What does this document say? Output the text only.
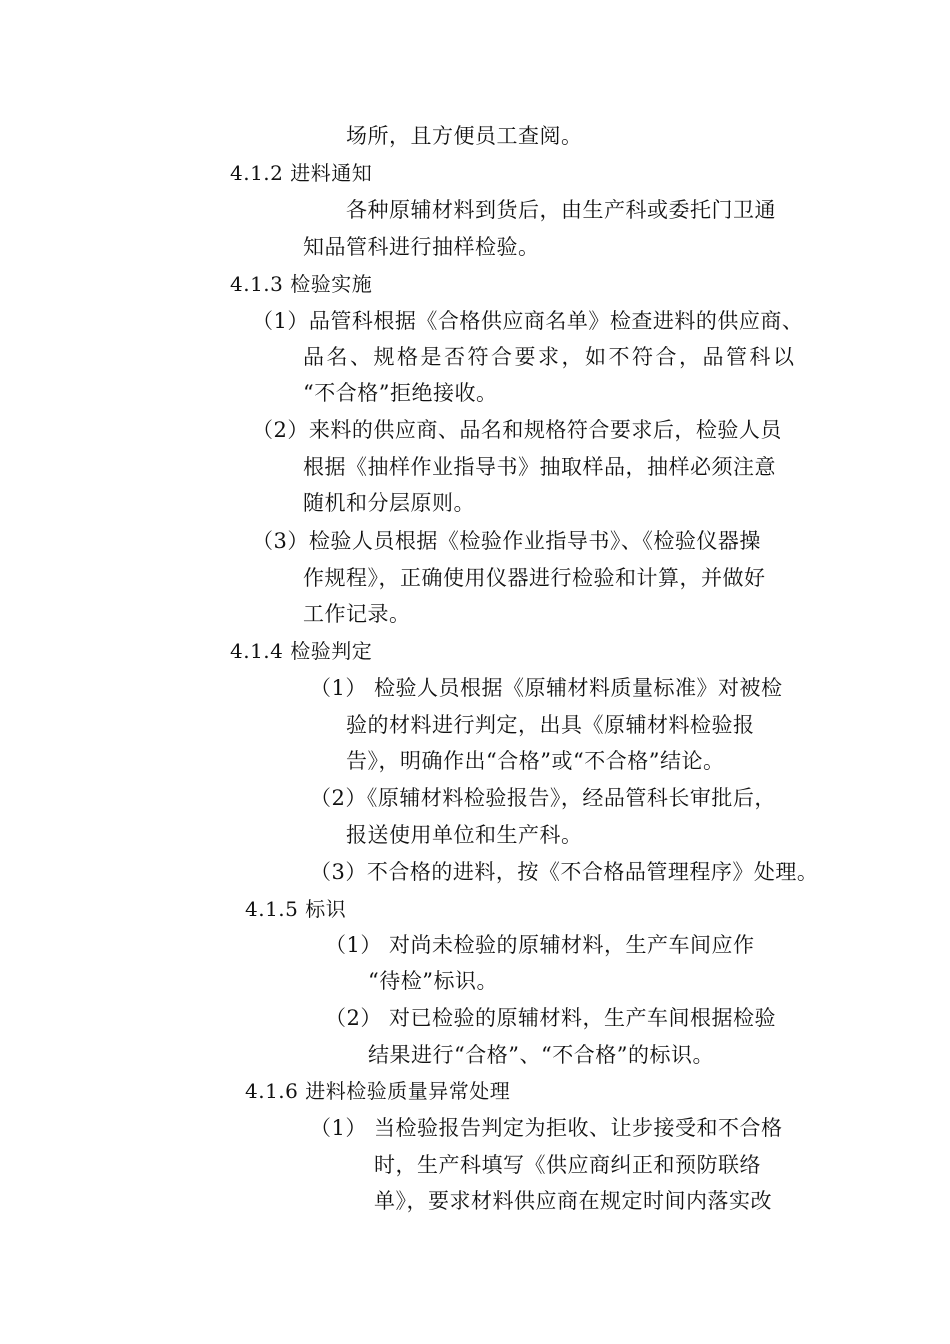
场所，且方便员工查阅。
4.1.2 进料通知
各种原辅材料到货后，由生产科或委托门卫通
知品管科进行抽样检验。
4.1.3 检验实施
（1）品管科根据《合格供应商名单》检查进料的供应商、
品名、规格是否符合要求，如不符合，品管科以
“不合格”拒绝接收。
（2）来料的供应商、品名和规格符合要求后，检验人员
根据《抽样作业指导书》抽取样品，抽样必须注意
随机和分层原则。
（3）检验人员根据《检验作业指导书》、《检验仪器操
作规程》，正确使用仪器进行检验和计算，并做好
工作记录。
4.1.4 检验判定
（1） 检验人员根据《原辅材料质量标准》对被检
验的材料进行判定，出具《原辅材料检验报
告》，明确作出“合格”或“不合格”结论。
（2）《原辅材料检验报告》，经品管科长审批后，
报送使用单位和生产科。
（3）不合格的进料，按《不合格品管理程序》处理。
4.1.5 标识
（1） 对尚未检验的原辅材料，生产车间应作
“待检”标识。
（2） 对已检验的原辅材料，生产车间根据检验
结果进行“合格”、“不合格”的标识。
4.1.6 进料检验质量异常处理
（1） 当检验报告判定为拒收、让步接受和不合格
时，生产科填写《供应商纠正和预防联络
单》，要求材料供应商在规定时间内落实改
